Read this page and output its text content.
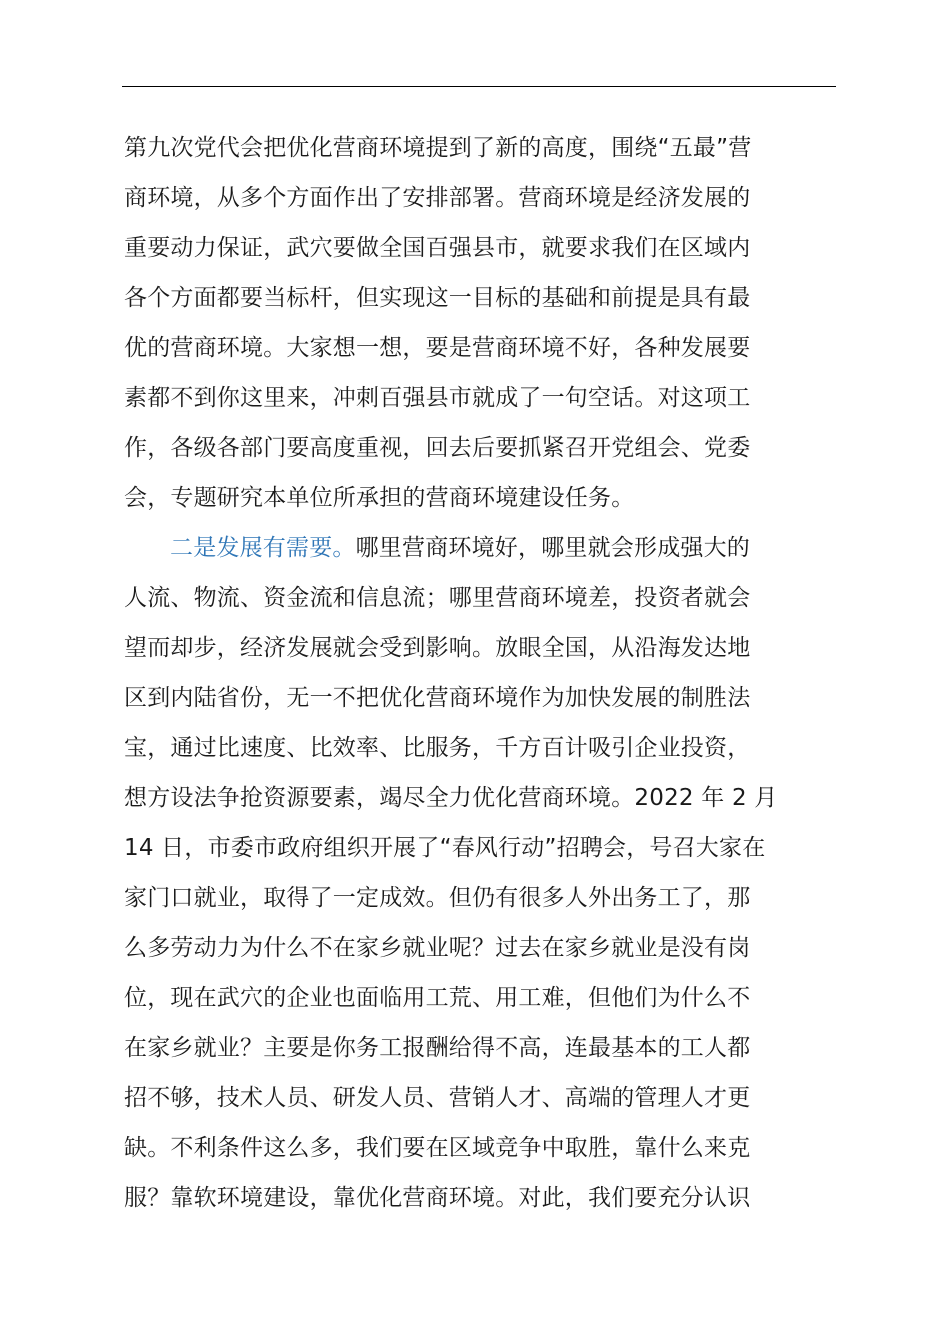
第九次党代会把优化营商环境提到了新的高度，围绕“五最”营
商环境，从多个方面作出了安排部署。营商环境是经济发展的
重要动力保证，武穴要做全国百强县市，就要求我们在区域内
各个方面都要当标杆，但实现这一目标的基础和前提是具有最
优的营商环境。大家想一想，要是营商环境不好，各种发展要
素都不到你这里来，冲刺百强县市就成了一句空话。对这项工
作，各级各部门要高度重视，回去后要抓紧召开党组会、党委
会，专题研究本单位所承担的营商环境建设任务。
二是发展有需要。哪里营商环境好，哪里就会形成强大的
人流、物流、资金流和信息流；哪里营商环境差，投资者就会
望而却步，经济发展就会受到影响。放眼全国，从沿海发达地
区到内陆省份，无一不把优化营商环境作为加快发展的制胜法
宝，通过比速度、比效率、比服务，千方百计吸引企业投资，
想方设法争抢资源要素，竭尽全力优化营商环境。2022 年 2 月
14 日，市委市政府组织开展了“春风行动”招聘会，号召大家在
家门口就业，取得了一定成效。但仍有很多人外出务工了，那
么多劳动力为什么不在家乡就业呢？过去在家乡就业是没有岗
位，现在武穴的企业也面临用工荒、用工难，但他们为什么不
在家乡就业？主要是你务工报酬给得不高，连最基本的工人都
招不够，技术人员、研发人员、营销人才、高端的管理人才更
缺。不利条件这么多，我们要在区域竞争中取胜，靠什么来克
服？靠软环境建设，靠优化营商环境。对此，我们要充分认识
